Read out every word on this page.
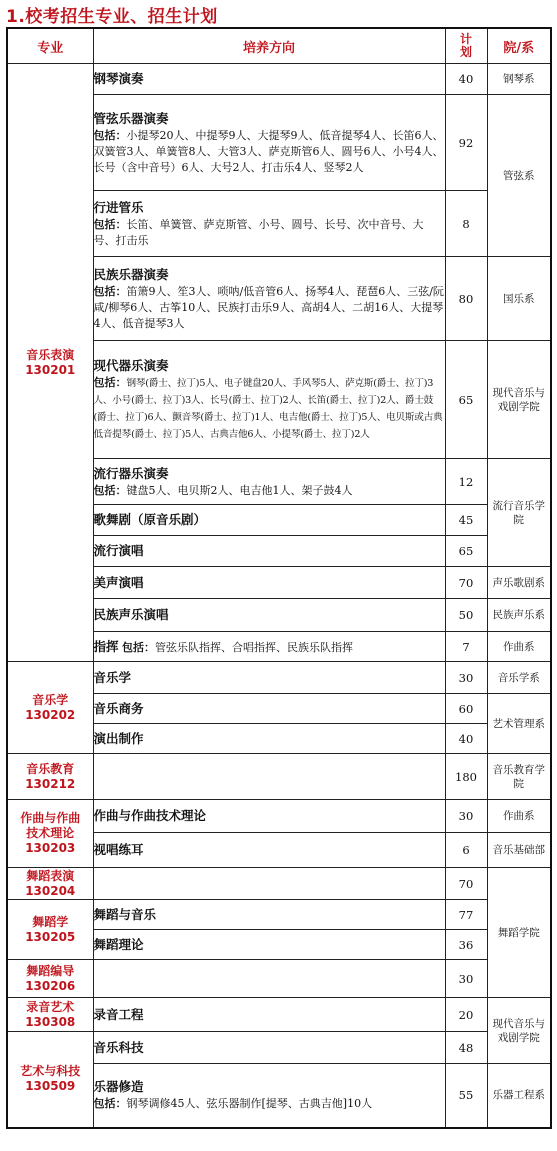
1.校考招生专业、招生计划
专业	培养方向	计划	院/系

音乐表演
130201	钢琴演奏	40	钢琴系

	管弦乐器演奏
包括：小提琴20人、中提琴9人、大提琴9人、低音提琴4人、长笛6人、双簧管3人、单簧管8人、大管3人、萨克斯管6人、圆号6人、小号4人、长号（含中音号）6人、大号2人、打击乐4人、竖琴2人	92	管弦系

	行进管乐
包括：长笛、单簧管、萨克斯管、小号、圆号、长号、次中音号、大号、打击乐	8	

	民族乐器演奏
包括：笛箫9人、笙3人、唢呐/低音管6人、扬琴4人、琵琶6人、三弦/阮咸/柳琴6人、古筝10人、民族打击乐9人、高胡4人、二胡16人、大提琴4人、低音提琴3人	80	国乐系

	现代器乐演奏
包括：钢琴(爵士、拉丁)5人、电子键盘20人、手风琴5人、萨克斯(爵士、拉丁)3人、小号(爵士、拉丁)3人、长号(爵士、拉丁)2人、长笛(爵士、拉丁)2人、爵士鼓(爵士、拉丁)6人、颤音琴(爵士、拉丁)1人、电吉他(爵士、拉丁)5人、电贝斯或古典低音提琴(爵士、拉丁)5人、古典吉他6人、小提琴(爵士、拉丁)2人	65	现代音乐与戏剧学院

	流行器乐演奏
包括：键盘5人、电贝斯2人、电吉他1人、架子鼓4人	12	流行音乐学院

	歌舞剧（原音乐剧）	45	

	流行演唱	65	

	美声演唱	70	声乐歌剧系

	民族声乐演唱	50	民族声乐系
	指挥 包括：管弦乐队指挥、合唱指挥、民族乐队指挥	7	作曲系

音乐学
130202	音乐学	30	音乐学系

	音乐商务	60	艺术管理系

	演出制作	40	

音乐教育
130212		180	音乐教育学院

作曲与作曲技术理论
130203	作曲与作曲技术理论	30	作曲系

	视唱练耳	6	音乐基础部

舞蹈表演
130204		70	舞蹈学院

舞蹈学
130205	舞蹈与音乐	77	

	舞蹈理论	36	

舞蹈编导
130206		30	

录音艺术
130308	录音工程	20	现代音乐与戏剧学院

艺术与科技
130509	音乐科技	48	

	乐器修造
包括：钢琴调修45人、弦乐器制作[提琴、古典吉他]10人	55	乐器工程系
